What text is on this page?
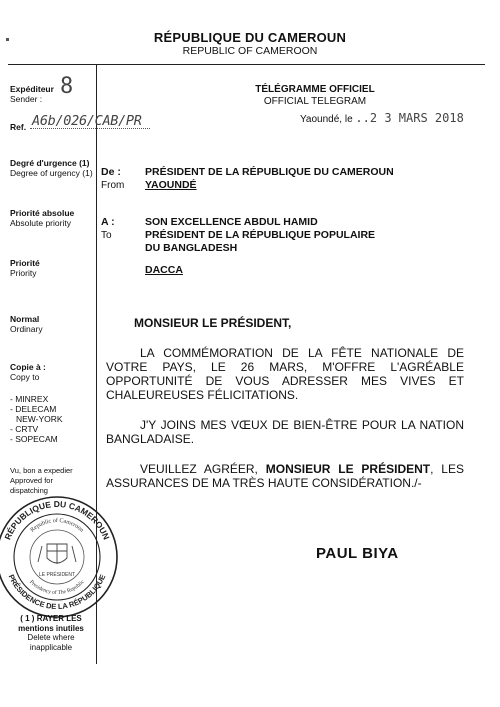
RÉPUBLIQUE DU CAMEROUN
REPUBLIC OF CAMEROON
Expéditeur
Sender : 8
Ref. A6b/026/CAB/PR
Degré d'urgence (1)
Degree of urgency (1)
Priorité absolue
Absolute priority
Priorité
Priority
Normal
Ordinary
Copie à :
Copy to
- MINREX
- DELECAM
NEW-YORK
- CRTV
- SOPECAM
Vu, bon a expedier
Approved for
dispatching
RÉPUBLIQUE DU CAMEROUN
PRÉSIDENCE DE LA RÉPUBLIQUE
Republic of Cameroon
Presidency of The Republic
LE PRÉSIDENT
( 1 ) RAYER LES
mentions inutiles
Delete where
inapplicable
TÉLÉGRAMME OFFICIEL
OFFICIAL TELEGRAM
Yaoundé, le ..2 3 MARS 2018
De :
From
PRÉSIDENT DE LA RÉPUBLIQUE DU CAMEROUN
YAOUNDÉ
A :
To
SON EXCELLENCE ABDUL HAMID
PRÉSIDENT DE LA RÉPUBLIQUE POPULAIRE
DU BANGLADESH
DACCA
MONSIEUR LE PRÉSIDENT,
LA COMMÉMORATION DE LA FÊTE NATIONALE DE VOTRE PAYS, LE 26 MARS, M'OFFRE L'AGRÉABLE OPPORTUNITÉ DE VOUS ADRESSER MES VIVES ET CHALEUREUSES FÉLICITATIONS.
J'Y JOINS MES VŒUX DE BIEN-ÊTRE POUR LA NATION BANGLADAISE.
VEUILLEZ AGRÉER, MONSIEUR LE PRÉSIDENT, LES ASSURANCES DE MA TRÈS HAUTE CONSIDÉRATION./-
PAUL BIYA
